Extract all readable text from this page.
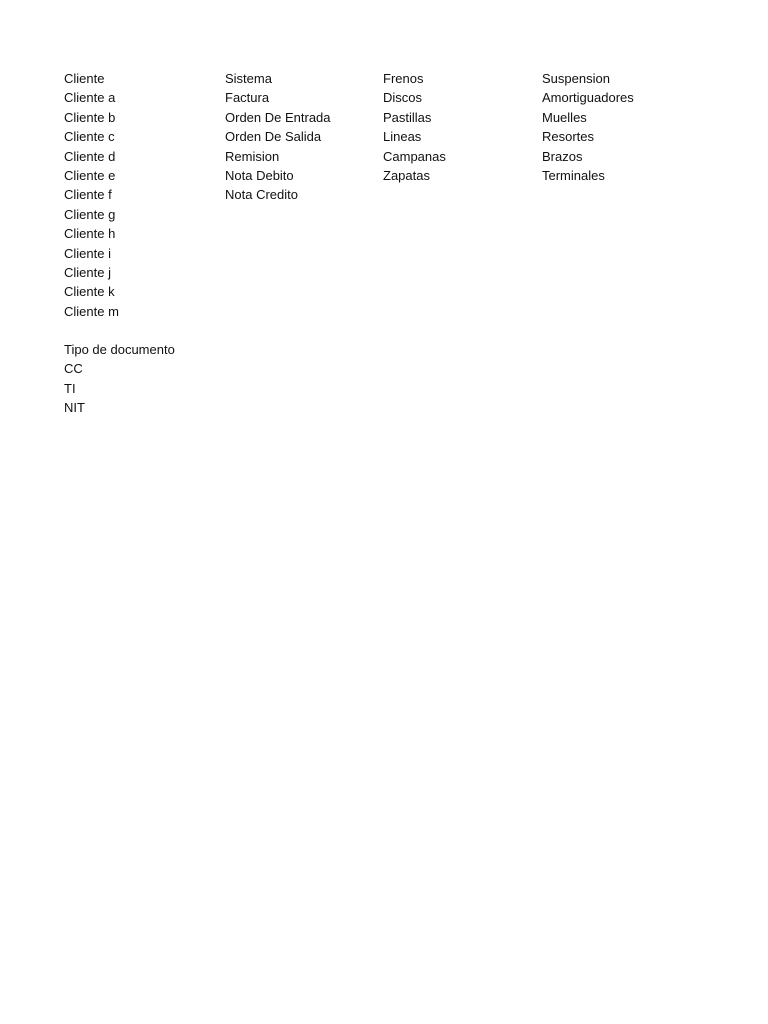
Cliente
Cliente a
Cliente b
Cliente c
Cliente d
Cliente e
Cliente f
Cliente g
Cliente h
Cliente i
Cliente j
Cliente k
Cliente m
Sistema
Factura
Orden De Entrada
Orden De Salida
Remision
Nota Debito
Nota Credito
Frenos
Discos
Pastillas
Lineas
Campanas
Zapatas
Suspension
Amortiguadores
Muelles
Resortes
Brazos
Terminales
Tipo de documento
CC
TI
NIT
